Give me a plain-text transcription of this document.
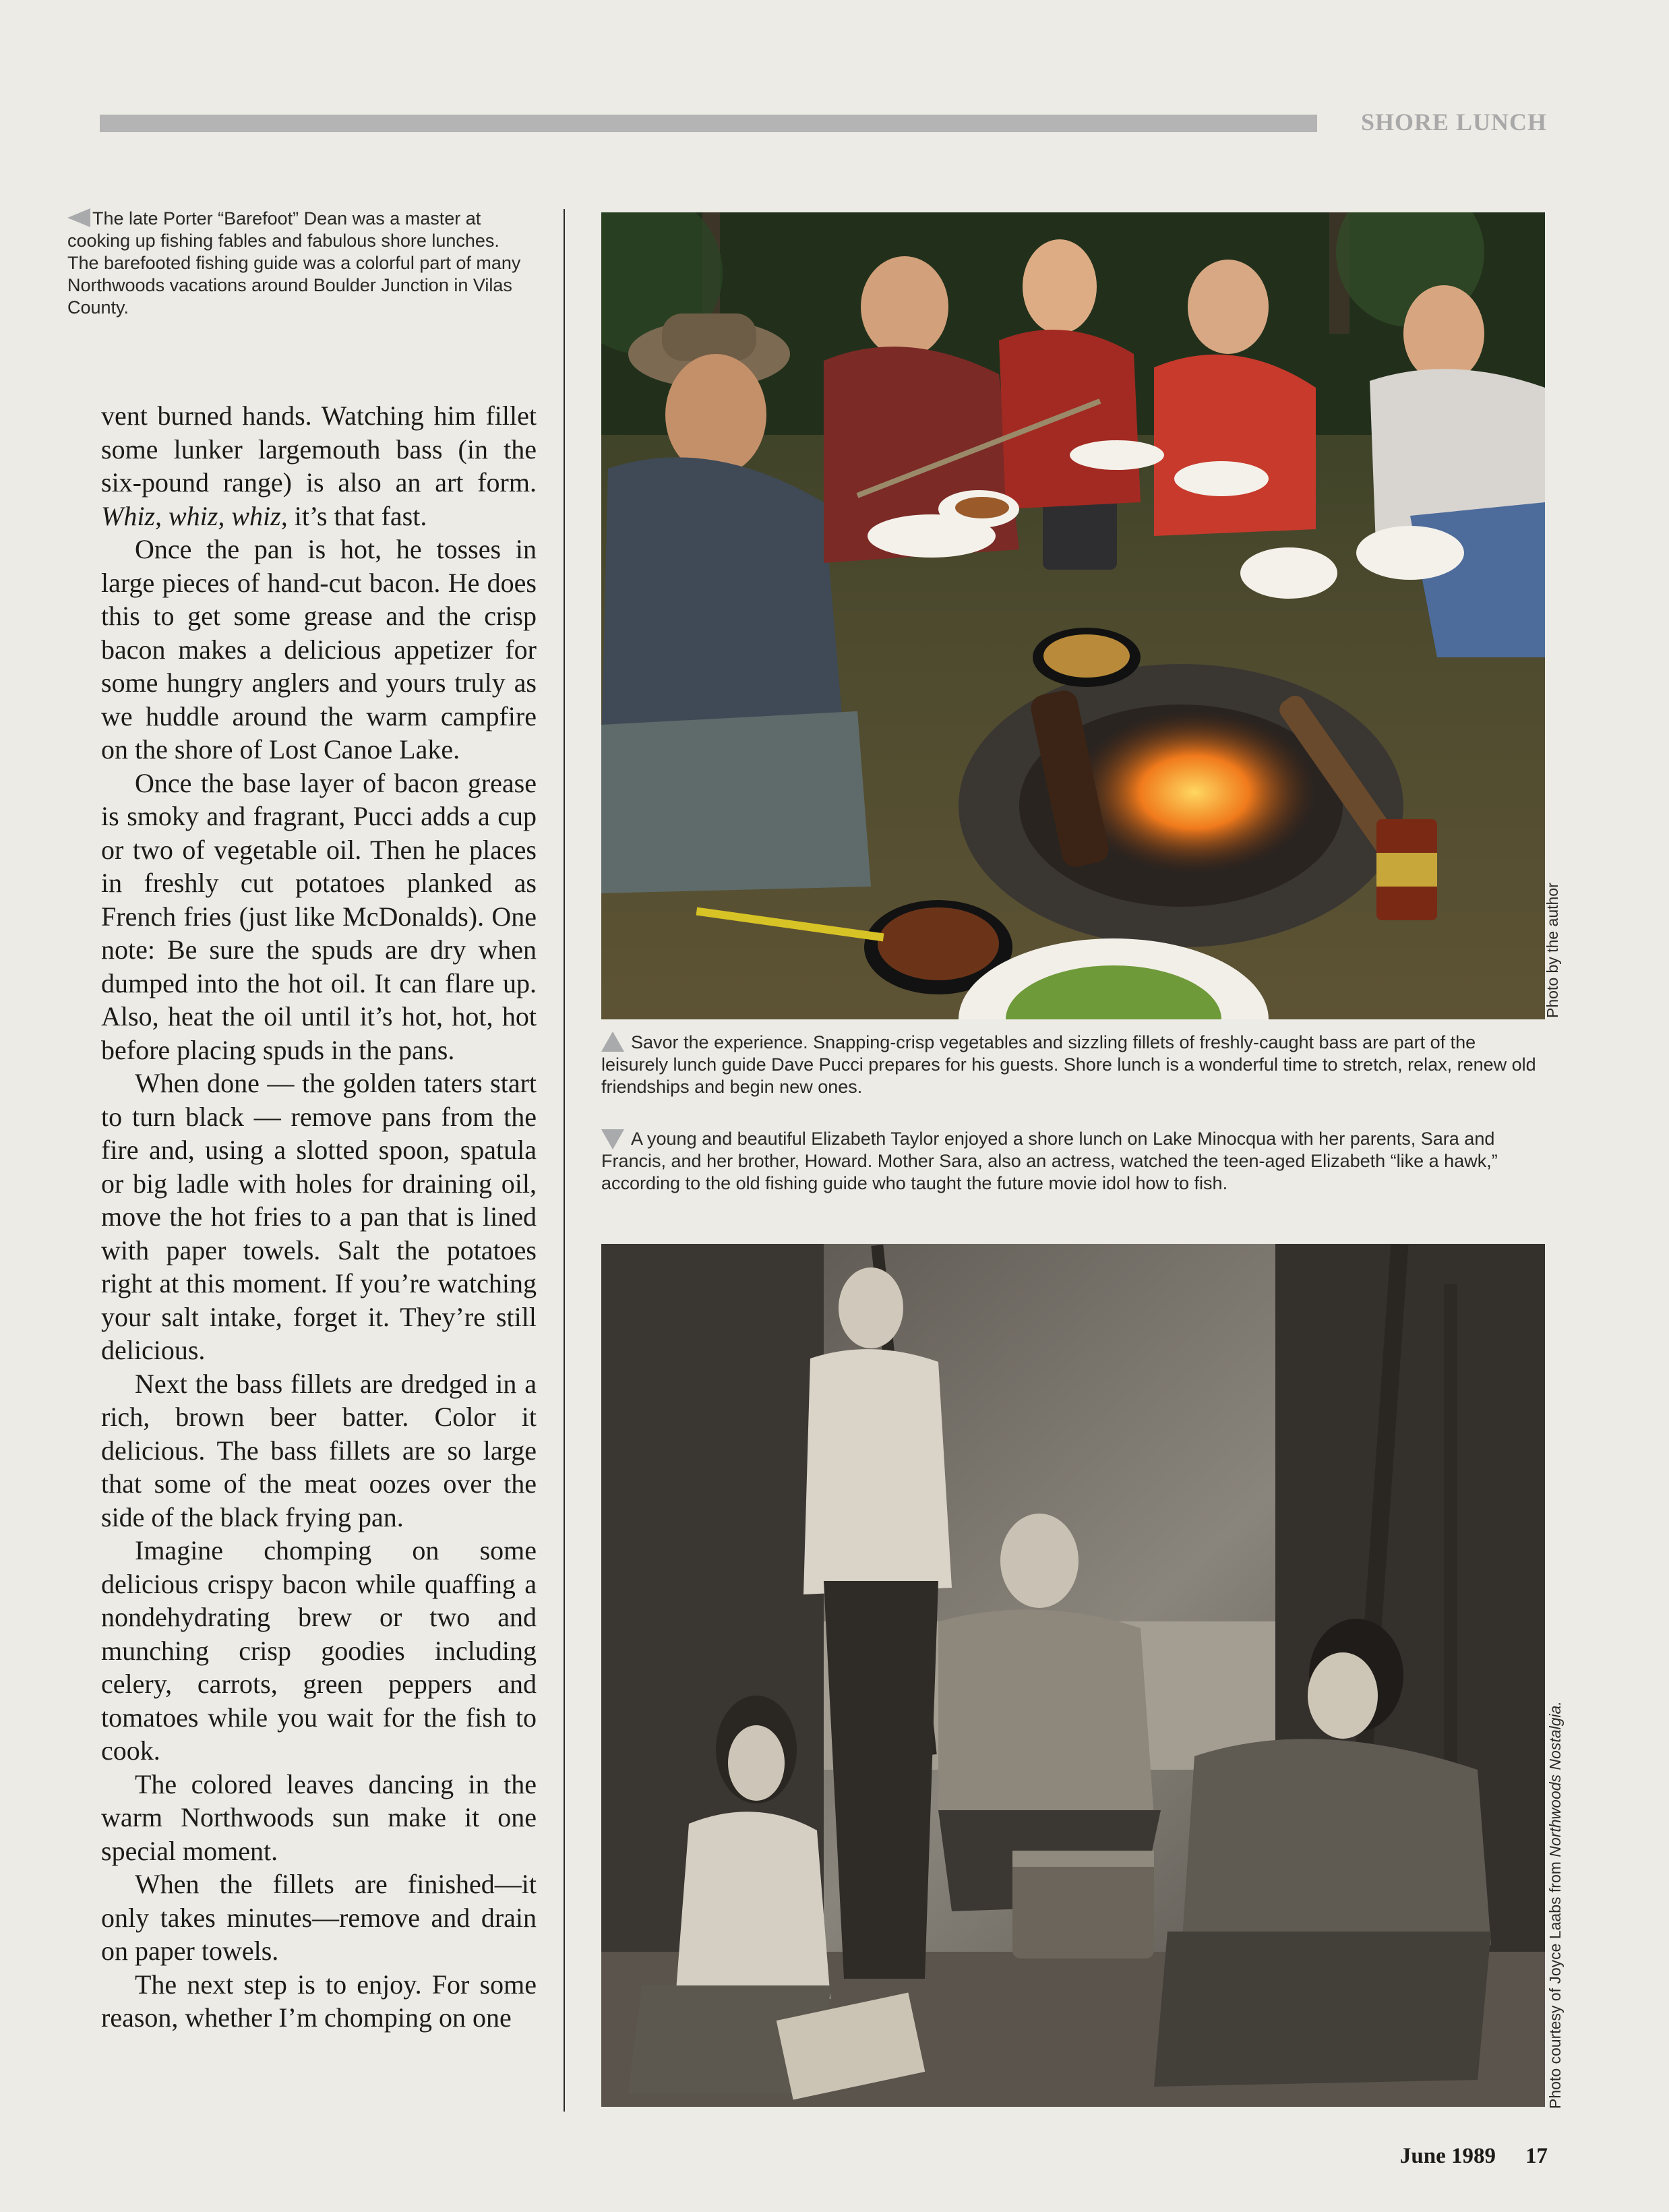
SHORE LUNCH

The late Porter “Barefoot” Dean was a master at cooking up fishing fables and fabulous shore lunches. The barefooted fishing guide was a colorful part of many Northwoods vacations around Boulder Junction in Vilas County.

vent burned hands. Watching him fillet some lunker largemouth bass (in the six-pound range) is also an art form. Whiz, whiz, whiz, it’s that fast.

Once the pan is hot, he tosses in large pieces of hand-cut bacon. He does this to get some grease and the crisp bacon makes a delicious appetizer for some hungry anglers and yours truly as we huddle around the warm campfire on the shore of Lost Canoe Lake.

Once the base layer of bacon grease is smoky and fragrant, Pucci adds a cup or two of vegetable oil. Then he places in freshly cut potatoes planked as French fries (just like McDonalds). One note: Be sure the spuds are dry when dumped into the hot oil. It can flare up. Also, heat the oil until it’s hot, hot, hot before placing spuds in the pans.

When done — the golden taters start to turn black — remove pans from the fire and, using a slotted spoon, spatula or big ladle with holes for draining oil, move the hot fries to a pan that is lined with paper towels. Salt the potatoes right at this moment. If you’re watching your salt intake, forget it. They’re still delicious.

Next the bass fillets are dredged in a rich, brown beer batter. Color it delicious. The bass fillets are so large that some of the meat oozes over the side of the black frying pan.

Imagine chomping on some delicious crispy bacon while quaffing a nondehydrating brew or two and munching crisp goodies including celery, carrots, green peppers and tomatoes while you wait for the fish to cook.

The colored leaves dancing in the warm Northwoods sun make it one special moment.

When the fillets are finished—it only takes minutes—remove and drain on paper towels.

The next step is to enjoy. For some reason, whether I’m chomping on one

Photo by the author

Savor the experience. Snapping-crisp vegetables and sizzling fillets of freshly-caught bass are part of the leisurely lunch guide Dave Pucci prepares for his guests. Shore lunch is a wonderful time to stretch, relax, renew old friendships and begin new ones.

A young and beautiful Elizabeth Taylor enjoyed a shore lunch on Lake Minocqua with her parents, Sara and Francis, and her brother, Howard. Mother Sara, also an actress, watched the teen-aged Elizabeth “like a hawk,” according to the old fishing guide who taught the future movie idol how to fish.

Photo courtesy of Joyce Laabs from Northwoods Nostalgia.
June 1989 17
